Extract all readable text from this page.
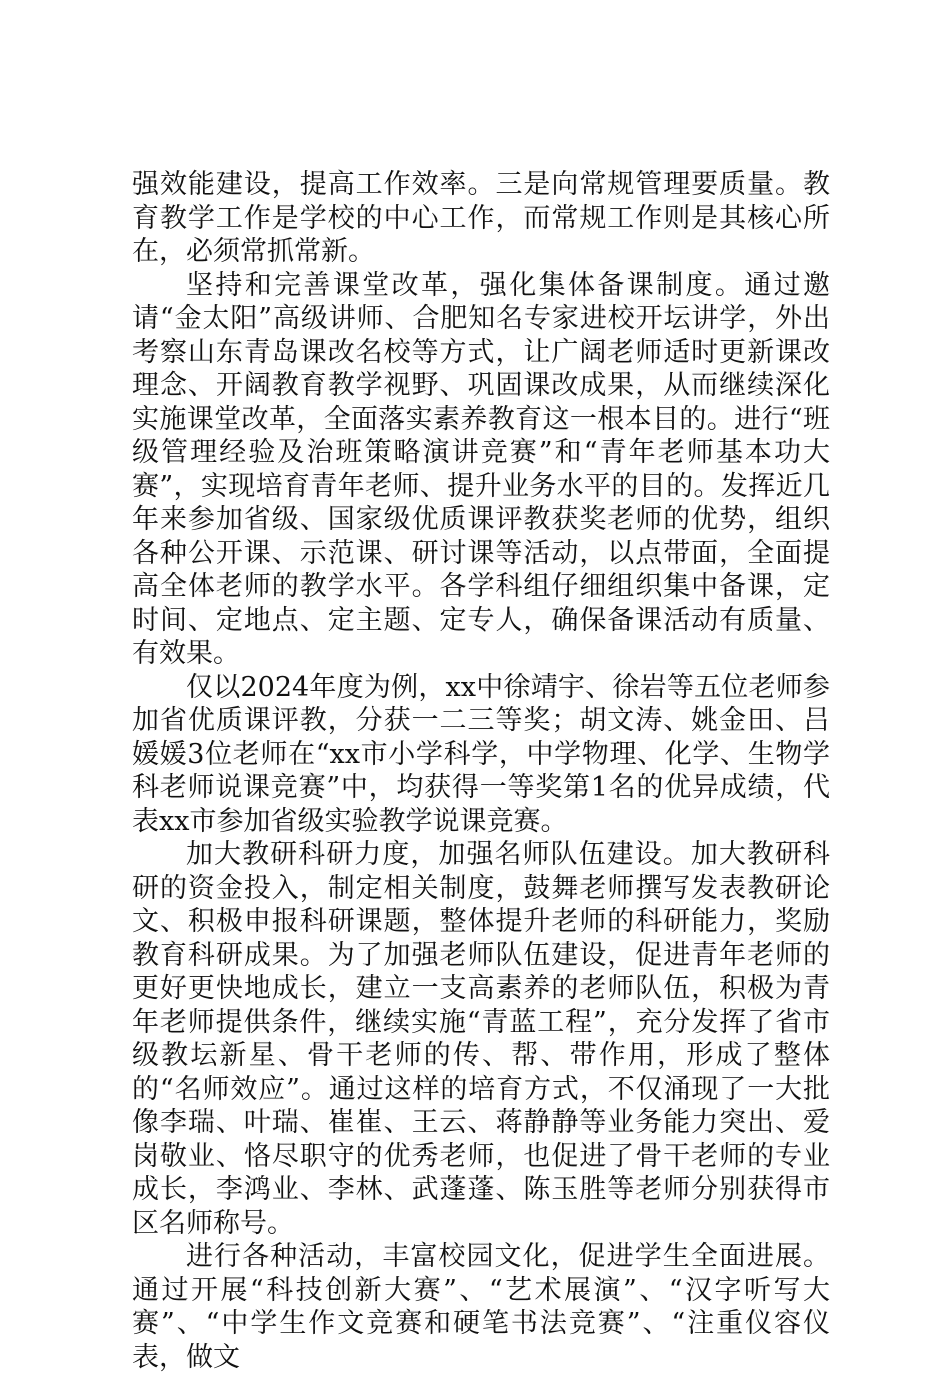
强效能建设，提高工作效率。三是向常规管理要质量。教育教学工作是学校的中心工作，而常规工作则是其核心所在，必须常抓常新。

坚持和完善课堂改革，强化集体备课制度。通过邀请“金太阳”高级讲师、合肥知名专家进校开坛讲学，外出考察山东青岛课改名校等方式，让广阔老师适时更新课改理念、开阔教育教学视野、巩固课改成果，从而继续深化实施课堂改革，全面落实素养教育这一根本目的。进行“班级管理经验及治班策略演讲竞赛”和“青年老师基本功大赛”，实现培育青年老师、提升业务水平的目的。发挥近几年来参加省级、国家级优质课评教获奖老师的优势，组织各种公开课、示范课、研讨课等活动，以点带面，全面提高全体老师的教学水平。各学科组仔细组织集中备课，定时间、定地点、定主题、定专人，确保备课活动有质量、有效果。

仅以2024年度为例，xx中徐靖宇、徐岩等五位老师参加省优质课评教，分获一二三等奖；胡文涛、姚金田、吕媛媛3位老师在“xx市小学科学，中学物理、化学、生物学科老师说课竞赛”中，均获得一等奖第1名的优异成绩，代表xx市参加省级实验教学说课竞赛。

加大教研科研力度，加强名师队伍建设。加大教研科研的资金投入，制定相关制度，鼓舞老师撰写发表教研论文、积极申报科研课题，整体提升老师的科研能力，奖励教育科研成果。为了加强老师队伍建设，促进青年老师的更好更快地成长，建立一支高素养的老师队伍，积极为青年老师提供条件，继续实施“青蓝工程”，充分发挥了省市级教坛新星、骨干老师的传、帮、带作用，形成了整体的“名师效应”。通过这样的培育方式，不仅涌现了一大批像李瑞、叶瑞、崔崔、王云、蒋静静等业务能力突出、爱岗敬业、恪尽职守的优秀老师，也促进了骨干老师的专业成长，李鸿业、李林、武蓬蓬、陈玉胜等老师分别获得市区名师称号。

进行各种活动，丰富校园文化，促进学生全面进展。通过开展“科技创新大赛”、“艺术展演”、“汉字听写大赛”、“中学生作文竞赛和硬笔书法竞赛”、“注重仪容仪表，做文
